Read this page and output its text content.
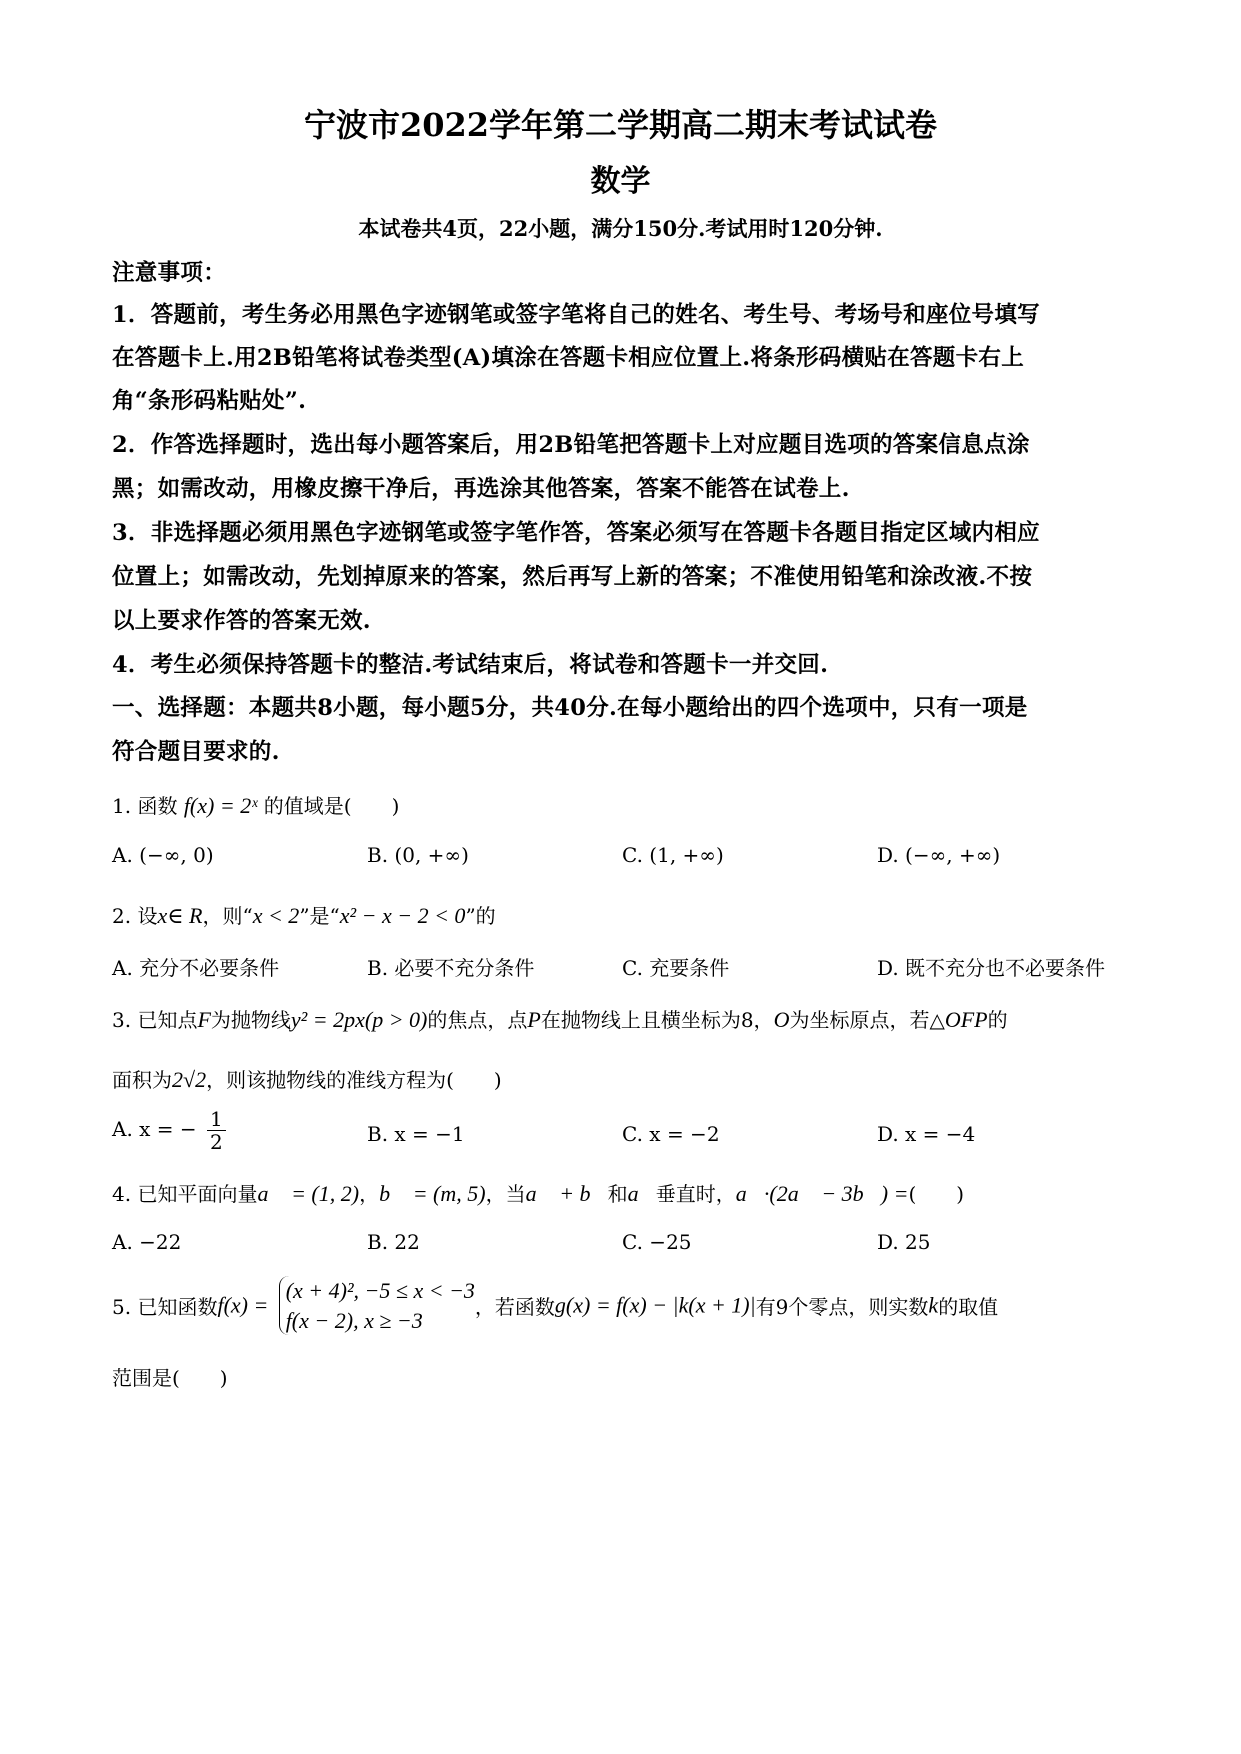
宁波市2022学年第二学期高二期末考试试卷
数学
本试卷共4页，22小题，满分150分.考试用时120分钟.
注意事项：
1．答题前，考生务必用黑色字迹钢笔或签字笔将自己的姓名、考生号、考场号和座位号填写
在答题卡上.用2B铅笔将试卷类型(A)填涂在答题卡相应位置上.将条形码横贴在答题卡右上
角“条形码粘贴处”.
2．作答选择题时，选出每小题答案后，用2B铅笔把答题卡上对应题目选项的答案信息点涂
黑；如需改动，用橡皮擦干净后，再选涂其他答案，答案不能答在试卷上.
3．非选择题必须用黑色字迹钢笔或签字笔作答，答案必须写在答题卡各题目指定区域内相应
位置上；如需改动，先划掉原来的答案，然后再写上新的答案；不准使用铅笔和涂改液.不按
以上要求作答的答案无效.
4．考生必须保持答题卡的整洁.考试结束后，将试卷和答题卡一并交回.
一、选择题：本题共8小题，每小题5分，共40分.在每小题给出的四个选项中，只有一项是
符合题目要求的.
1. 函数 f(x) = 2ˣ 的值域是(　　)
A. (−∞, 0)	B. (0, +∞)	C. (1, +∞)	D. (−∞, +∞)
2. 设x∈ R，则“x < 2”是“x² − x − 2 < 0”的
A. 充分不必要条件	B. 必要不充分条件	C. 充要条件	D. 既不充分也不必要条件
3. 已知点F为抛物线y² = 2px(p > 0)的焦点，点P在抛物线上且横坐标为8，O为坐标原点，若△OFP的
面积为2√2，则该抛物线的准线方程为(　　)
A. x = − $\frac{1}{2}$	B. x = −1	C. x = −2	D. x = −4
4. 已知平面向量a⃗ = (1, 2)，b⃗ = (m, 5)，当a⃗ + b⃗和a⃗垂直时，a⃗·(2a⃗ − 3b⃗) =(　　)
A. −22	B. 22	C. −25	D. 25
5. 已知函数f(x) =
(x + 4)², −5 ≤ x < −3
f(x − 2), x ≥ −3
，若函数g(x) = f(x) − |k(x + 1)|有9个零点，则实数k的取值
范围是(　　)
